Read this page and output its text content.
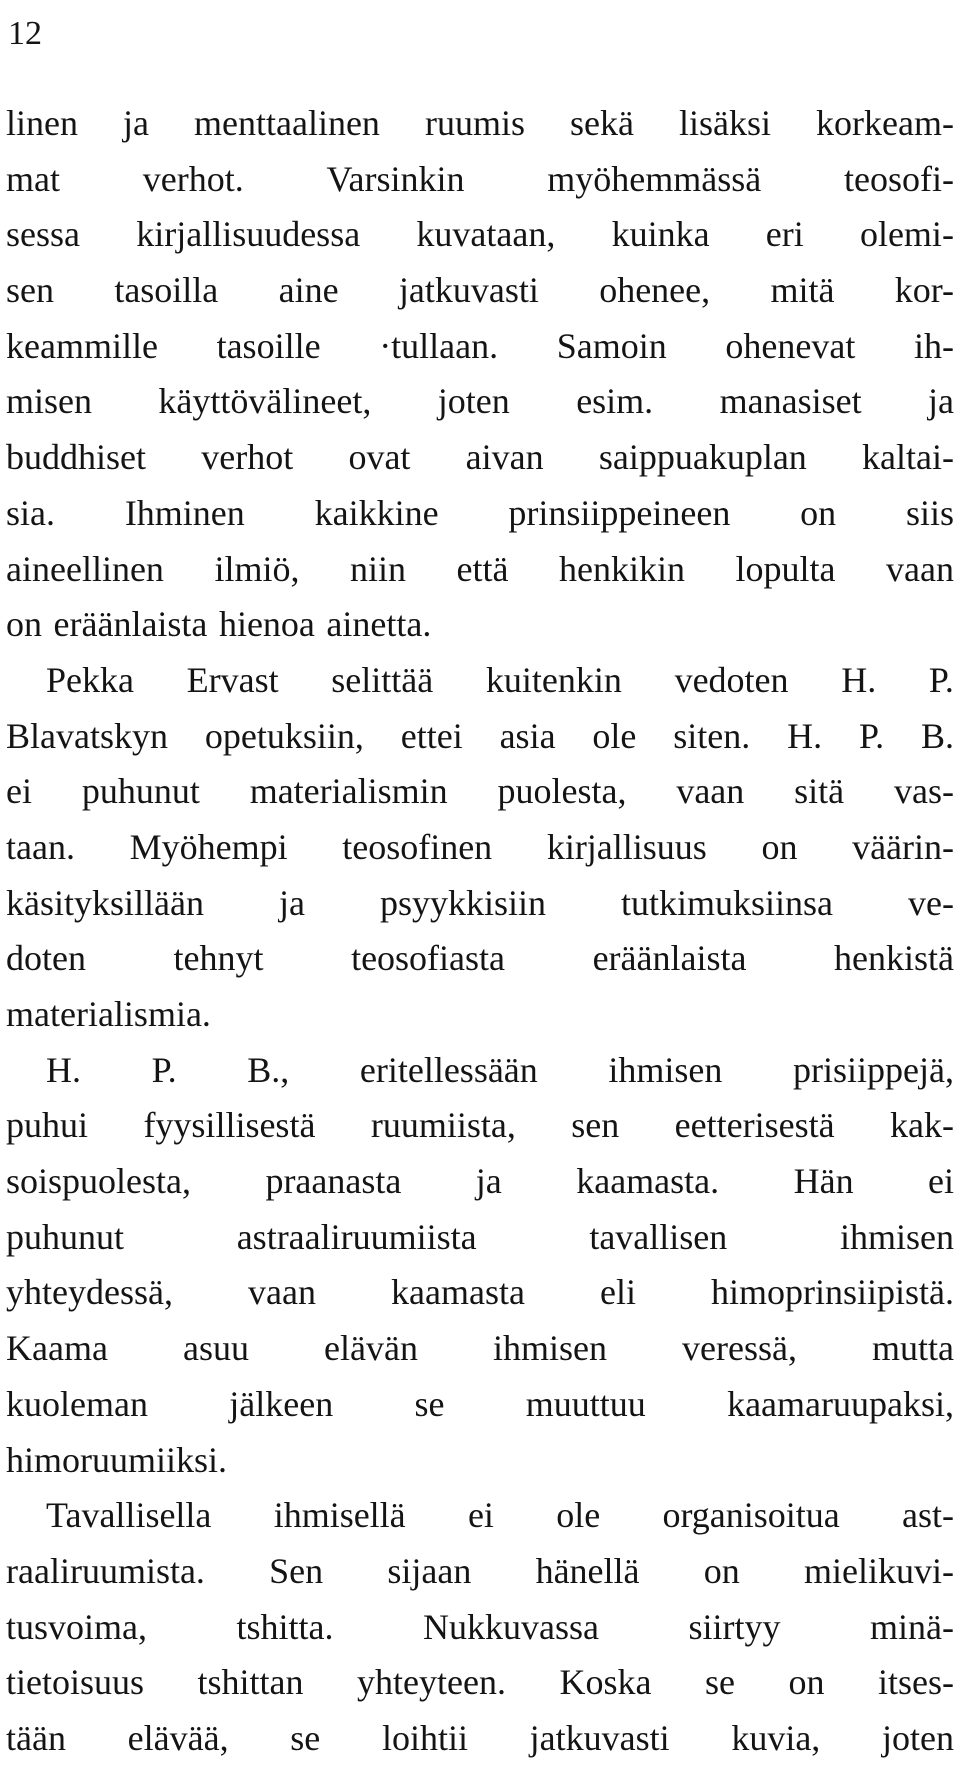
12
linen ja menttaalinen ruumis sekä lisäksi korkeam-
mat verhot. Varsinkin myöhemmässä teosofi-
sessa kirjallisuudessa kuvataan, kuinka eri olemi-
sen tasoilla aine jatkuvasti ohenee, mitä kor-
keammille tasoille ·tullaan. Samoin ohenevat ih-
misen käyttövälineet, joten esim. manasiset ja
buddhiset verhot ovat aivan saippuakuplan kaltai-
sia. Ihminen kaikkine prinsiippeineen on siis
aineellinen ilmiö, niin että henkikin lopulta vaan
on eräänlaista hienoa ainetta.
Pekka Ervast selittää kuitenkin vedoten H. P.
Blavatskyn opetuksiin, ettei asia ole siten. H. P. B.
ei puhunut materialismin puolesta, vaan sitä vas-
taan. Myöhempi teosofinen kirjallisuus on väärin-
käsityksillään ja psyykkisiin tutkimuksiinsa ve-
doten tehnyt teosofiasta eräänlaista henkistä
materialismia.
H. P. B., eritellessään ihmisen prisiippejä,
puhui fyysillisestä ruumiista, sen eetterisestä kak-
soispuolesta, praanasta ja kaamasta. Hän ei
puhunut	astraaliruumiista	tavallisen	ihmisen
yhteydessä, vaan kaamasta eli himoprinsiipistä.
Kaama asuu elävän ihmisen veressä, mutta
kuoleman jälkeen se muuttuu kaamaruupaksi,
himoruumiiksi.
Tavallisella ihmisellä ei ole organisoitua ast-
raaliruumista. Sen sijaan hänellä on mielikuvi-
tusvoima, tshitta. Nukkuvassa siirtyy minä-
tietoisuus tshittan yhteyteen. Koska se on itses-
tään elävää, se loihtii jatkuvasti kuvia, joten
